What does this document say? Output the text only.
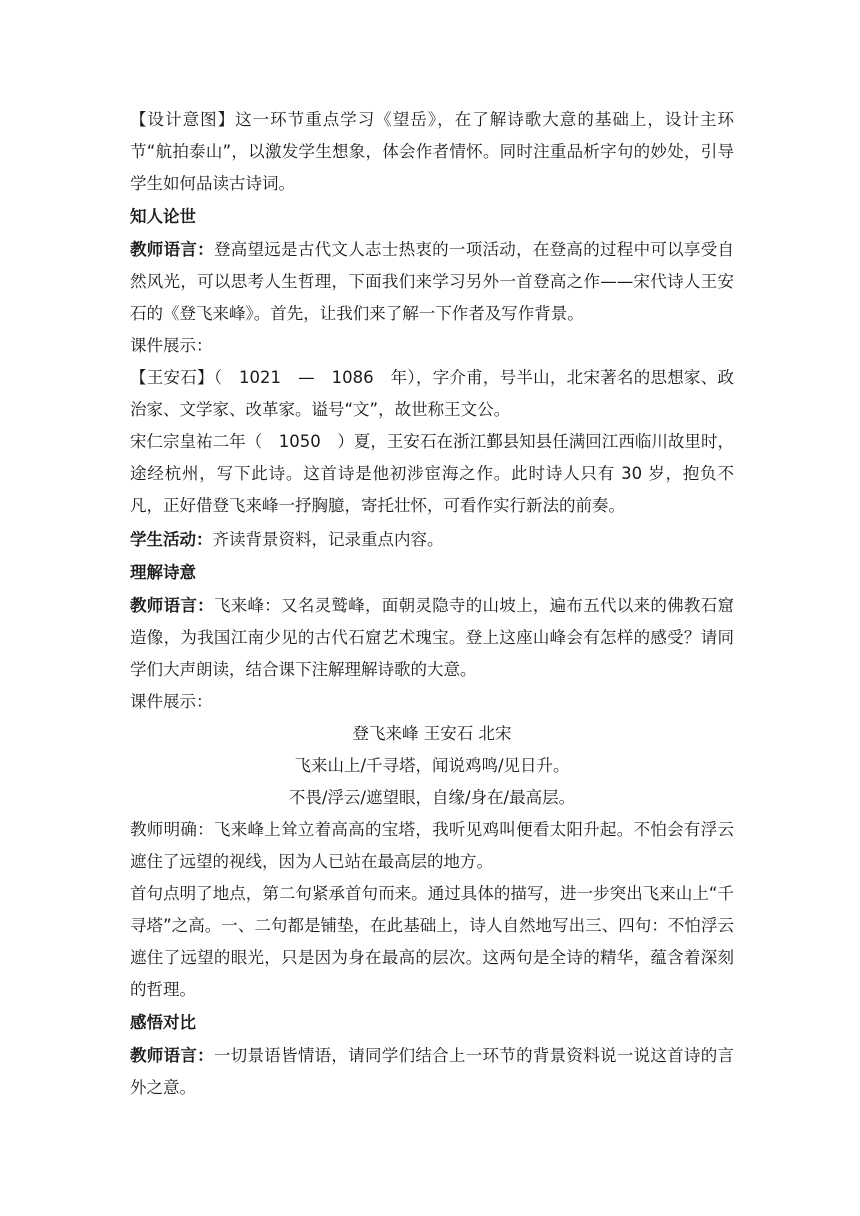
【设计意图】这一环节重点学习《望岳》，在了解诗歌大意的基础上，设计主环节“航拍泰山”，以激发学生想象，体会作者情怀。同时注重品析字句的妙处，引导学生如何品读古诗词。

知人论世

教师语言：登高望远是古代文人志士热衷的一项活动，在登高的过程中可以享受自然风光，可以思考人生哲理，下面我们来学习另外一首登高之作——宋代诗人王安石的《登飞来峰》。首先，让我们来了解一下作者及写作背景。

课件展示：

【王安石】（　1021　—　1086　年），字介甫，号半山，北宋著名的思想家、政治家、文学家、改革家。谥号“文”，故世称王文公。

宋仁宗皇祐二年（　1050　）夏，王安石在浙江鄞县知县任满回江西临川故里时，途经杭州，写下此诗。这首诗是他初涉宦海之作。此时诗人只有 30 岁，抱负不凡，正好借登飞来峰一抒胸臆，寄托壮怀，可看作实行新法的前奏。

学生活动：齐读背景资料，记录重点内容。

理解诗意

教师语言：飞来峰：又名灵鹫峰，面朝灵隐寺的山坡上，遍布五代以来的佛教石窟造像，为我国江南少见的古代石窟艺术瑰宝。登上这座山峰会有怎样的感受？请同学们大声朗读，结合课下注解理解诗歌的大意。

课件展示：

登飞来峰 王安石 北宋

飞来山上/千寻塔，闻说鸡鸣/见日升。

不畏/浮云/遮望眼，自缘/身在/最高层。

教师明确：飞来峰上耸立着高高的宝塔，我听见鸡叫便看太阳升起。不怕会有浮云遮住了远望的视线，因为人已站在最高层的地方。

首句点明了地点，第二句紧承首句而来。通过具体的描写，进一步突出飞来山上“千寻塔”之高。一、二句都是铺垫，在此基础上，诗人自然地写出三、四句：不怕浮云遮住了远望的眼光，只是因为身在最高的层次。这两句是全诗的精华，蕴含着深刻的哲理。

感悟对比

教师语言：一切景语皆情语，请同学们结合上一环节的背景资料说一说这首诗的言外之意。
